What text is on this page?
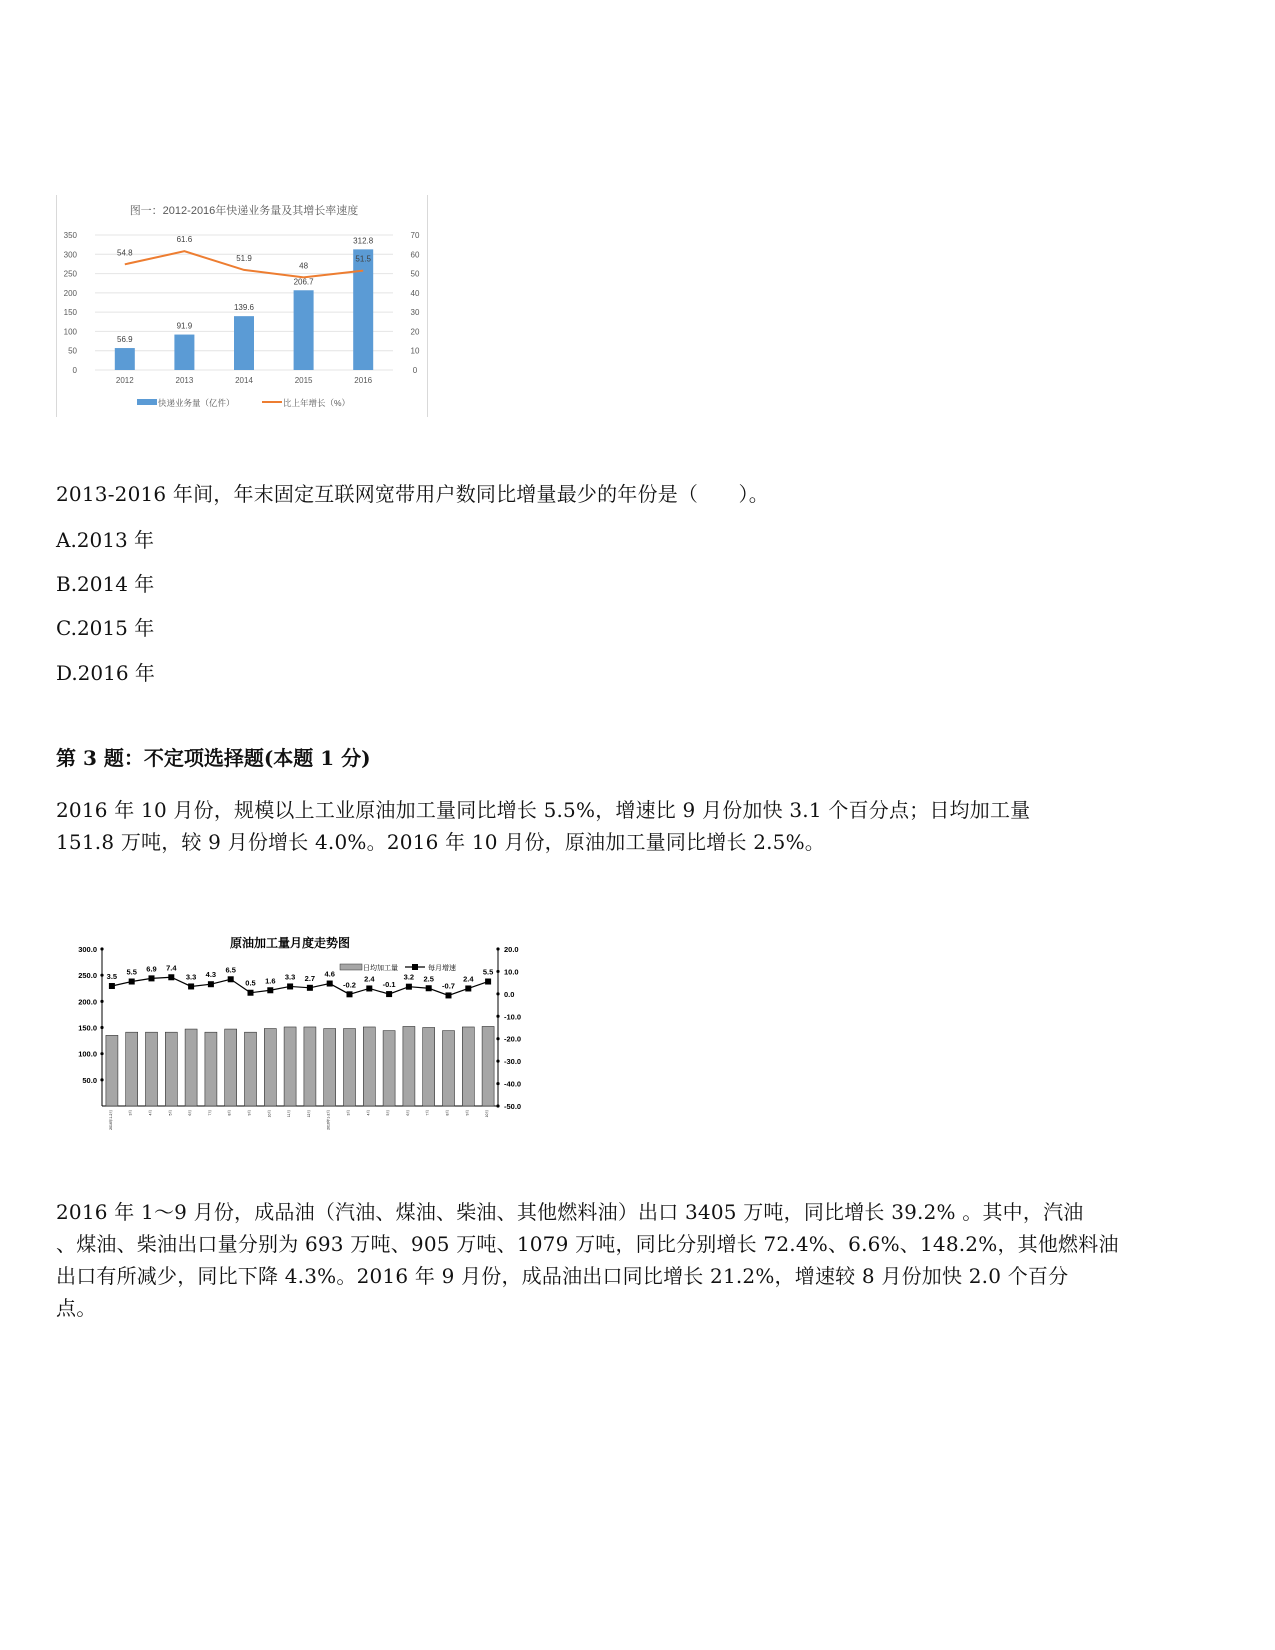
图一：2012-2016年快递业务量及其增长率速度
0
50
100
150
200
250
300
350
0
10
20
30
40
50
60
70
56.9
2012
91.9
2013
139.6
2014
206.7
2015
312.8
2016
54.8
61.6
51.9
48
51.5
快递业务量（亿件）	比上年增长（%）
2013-2016 年间，年末固定互联网宽带用户数同比增量最少的年份是（　　）。
A.2013 年
B.2014 年
C.2015 年
D.2016 年
第 3 题：不定项选择题(本题 1 分)
2016 年 10 月份，规模以上工业原油加工量同比增长 5.5%，增速比 9 月份加快 3.1 个百分点；日均加工量
151.8 万吨，较 9 月份增长 4.0%。2016 年 10 月份，原油加工量同比增长 2.5%。
原油加工量月度走势图
50.0
100.0
150.0
200.0
250.0
300.0
-50.0
-40.0
-30.0
-20.0
-10.0
0.0
10.0
20.0
2016年1-2月	3月	4月	5月	6月	7月	8月	9月	10月	11月	12月	2016年1-2月	3月	4月	5月	6月	7月	8月	9月	10月
3.5 5.5 6.9 7.4
3.3 4.3
6.5
0.5 1.6 3.3 2.7 4.6
-0.2
2.4
-0.1
3.2 2.5
-0.7
2.4
5.5
日均加工量	每月增速
2016 年 1～9 月份，成品油（汽油、煤油、柴油、其他燃料油）出口 3405 万吨，同比增长 39.2% 。其中，汽油
、煤油、柴油出口量分别为 693 万吨、905 万吨、1079 万吨，同比分别增长 72.4%、6.6%、148.2%，其他燃料油
出口有所减少，同比下降 4.3%。2016 年 9 月份，成品油出口同比增长 21.2%，增速较 8 月份加快 2.0 个百分
点。
